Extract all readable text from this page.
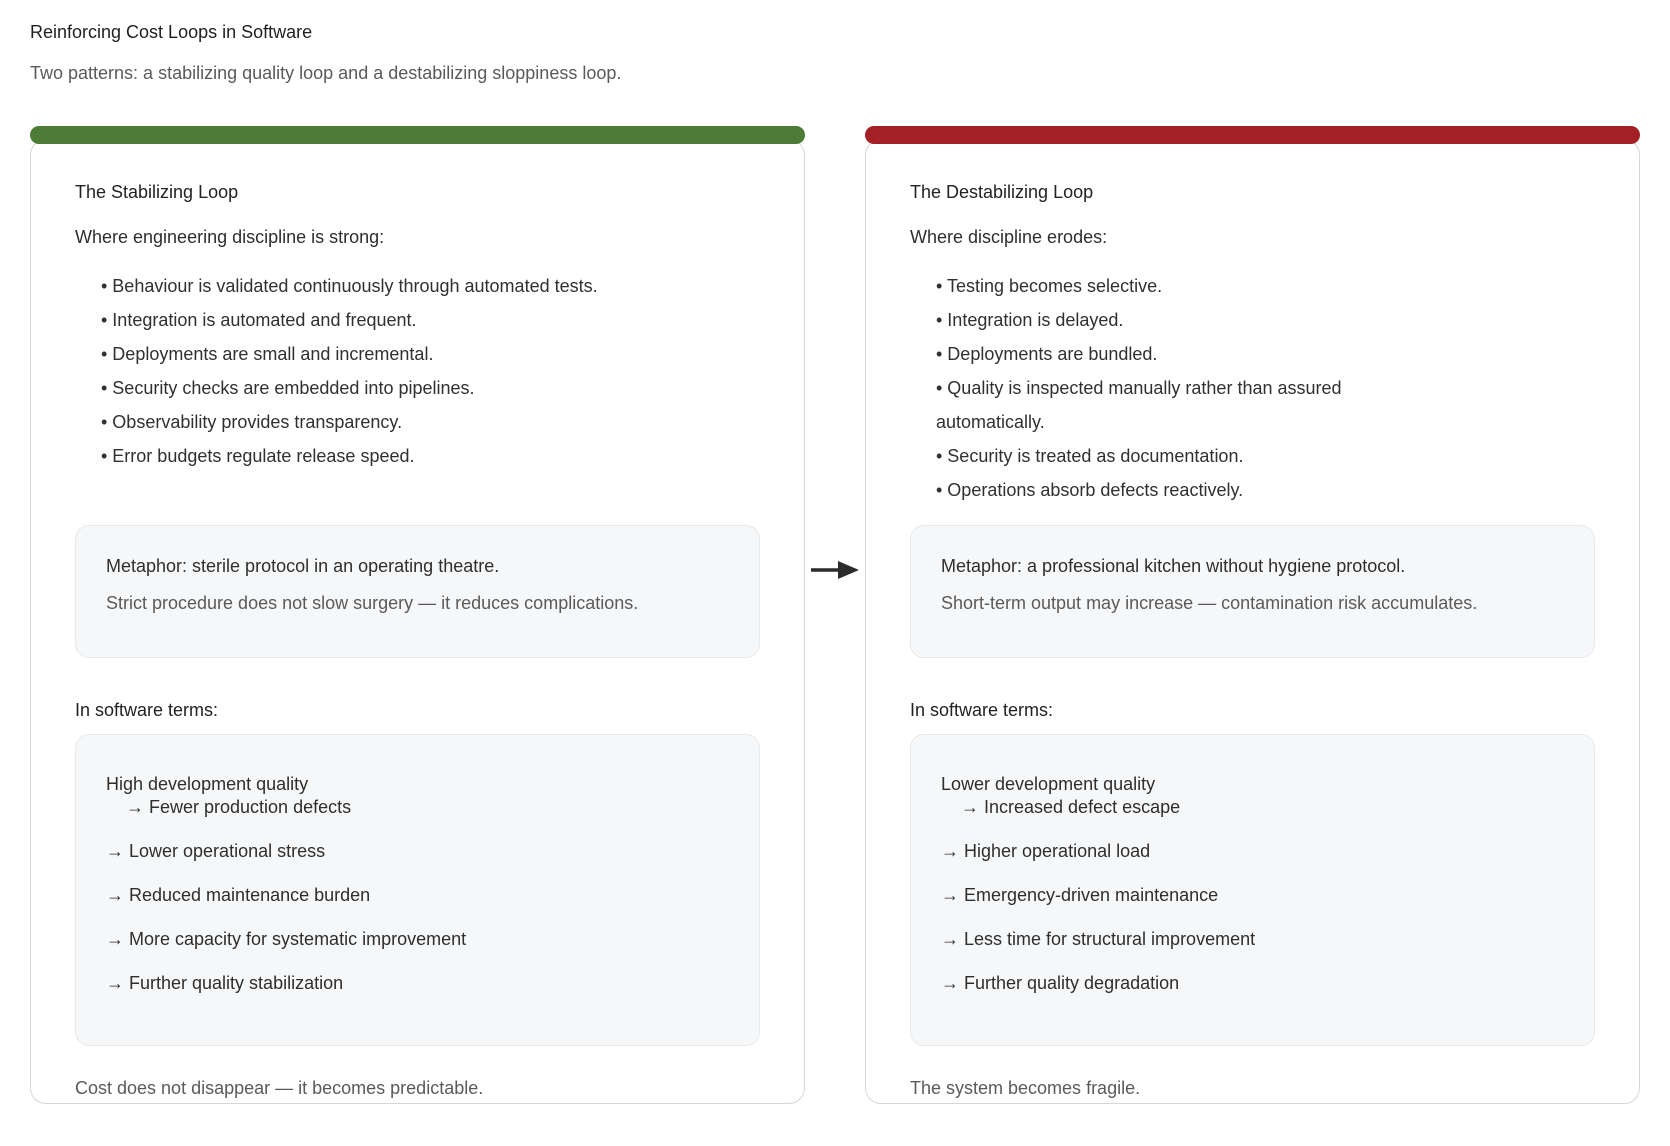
Reinforcing Cost Loops in Software
Two patterns: a stabilizing quality loop and a destabilizing sloppiness loop.
The Stabilizing Loop
Where engineering discipline is strong:
• Behaviour is validated continuously through automated tests.
• Integration is automated and frequent.
• Deployments are small and incremental.
• Security checks are embedded into pipelines.
• Observability provides transparency.
• Error budgets regulate release speed.
Metaphor: sterile protocol in an operating theatre.
Strict procedure does not slow surgery — it reduces complications.
In software terms:
High development quality
→ Fewer production defects
→ Lower operational stress
→ Reduced maintenance burden
→ More capacity for systematic improvement
→ Further quality stabilization
Cost does not disappear — it becomes predictable.
The Destabilizing Loop
Where discipline erodes:
• Testing becomes selective.
• Integration is delayed.
• Deployments are bundled.
• Quality is inspected manually rather than assured
automatically.
• Security is treated as documentation.
• Operations absorb defects reactively.
Metaphor: a professional kitchen without hygiene protocol.
Short-term output may increase — contamination risk accumulates.
In software terms:
Lower development quality
→ Increased defect escape
→ Higher operational load
→ Emergency-driven maintenance
→ Less time for structural improvement
→ Further quality degradation
The system becomes fragile.
